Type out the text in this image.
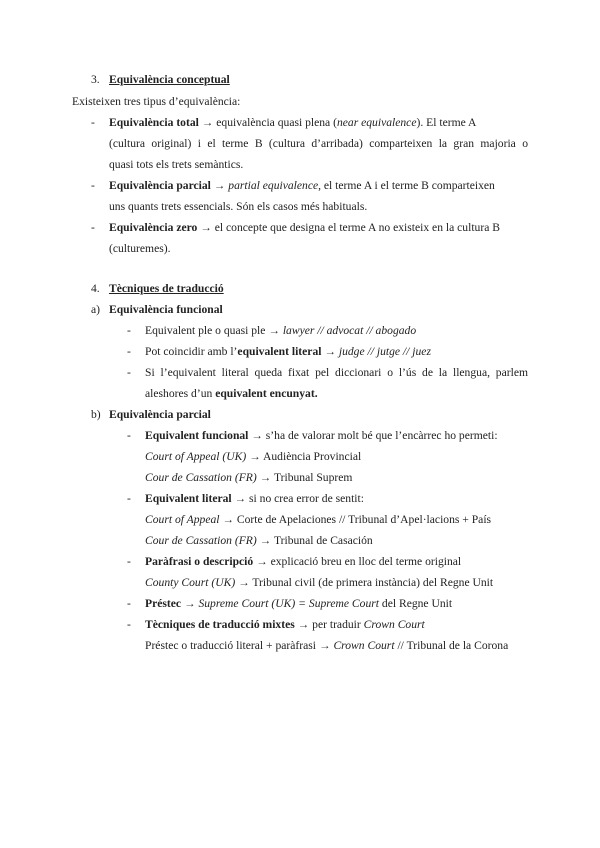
3. Equivalència conceptual
Existeixen tres tipus d’equivalència:
- Equivalència total → equivalència quasi plena (near equivalence). El terme A
(cultura original) i el terme B (cultura d’arribada) comparteixen la gran majoria o
quasi tots els trets semàntics.
- Equivalència parcial → partial equivalence, el terme A i el terme B comparteixen
uns quants trets essencials. Són els casos més habituals.
- Equivalència zero → el concepte que designa el terme A no existeix en la cultura B
(culturemes).
4. Tècniques de traducció
a) Equivalència funcional
- Equivalent ple o quasi ple → lawyer // advocat // abogado
- Pot coincidir amb l’equivalent literal → judge // jutge // juez
- Si l’equivalent literal queda fixat pel diccionari o l’ús de la llengua, parlem
aleshores d’un equivalent encunyat.
b) Equivalència parcial
- Equivalent funcional → s’ha de valorar molt bé que l’encàrrec ho permeti:
Court of Appeal (UK) → Audiència Provincial
Cour de Cassation (FR) → Tribunal Suprem
- Equivalent literal → si no crea error de sentit:
Court of Appeal → Corte de Apelaciones // Tribunal d’Apel·lacions + País
Cour de Cassation (FR) → Tribunal de Casación
- Paràfrasi o descripció → explicació breu en lloc del terme original
County Court (UK) → Tribunal civil (de primera instància) del Regne Unit
- Préstec → Supreme Court (UK) = Supreme Court del Regne Unit
- Tècniques de traducció mixtes → per traduir Crown Court
Préstec o traducció literal + paràfrasi → Crown Court // Tribunal de la Corona
